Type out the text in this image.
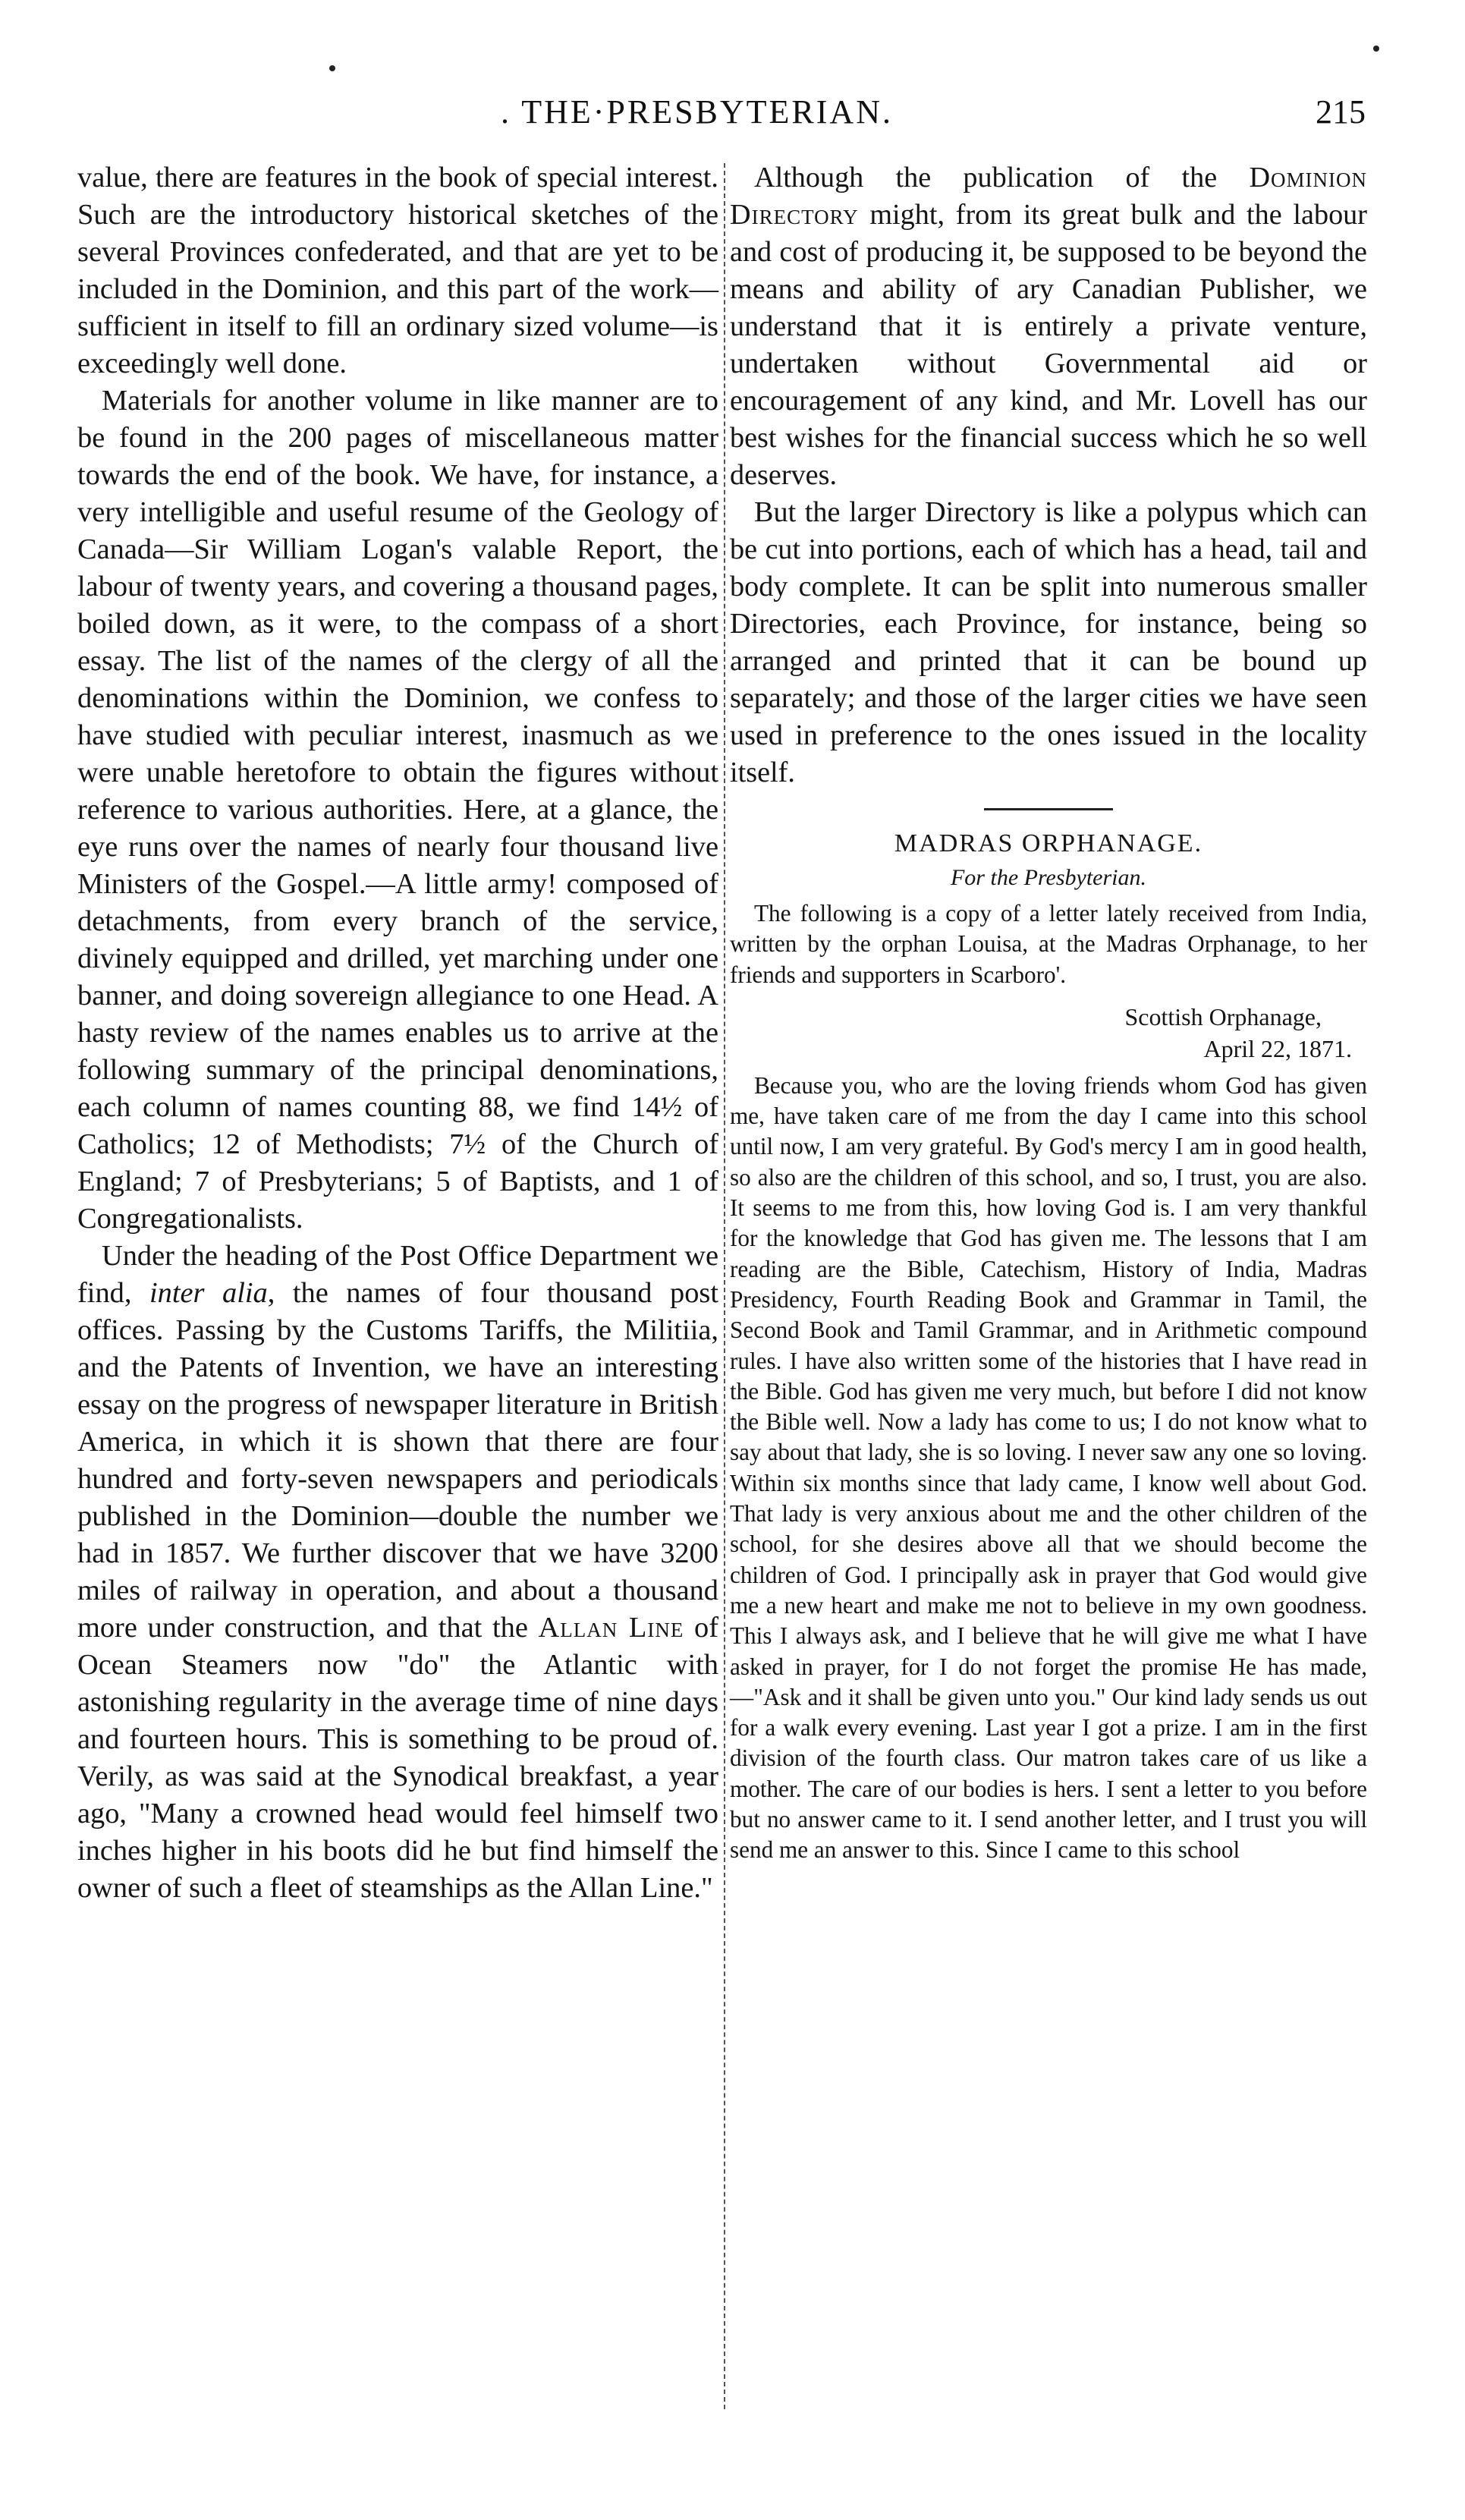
. THE·PRESBYTERIAN.	215

value, there are features in the book of special interest. Such are the introductory historical sketches of the several Provinces confederated, and that are yet to be included in the Dominion, and this part of the work—sufficient in itself to fill an ordinary sized volume—is exceedingly well done.

Materials for another volume in like manner are to be found in the 200 pages of miscellaneous matter towards the end of the book. We have, for instance, a very intelligible and useful resume of the Geology of Canada—Sir William Logan's valable Report, the labour of twenty years, and covering a thousand pages, boiled down, as it were, to the compass of a short essay. The list of the names of the clergy of all the denominations within the Dominion, we confess to have studied with peculiar interest, inasmuch as we were unable heretofore to obtain the figures without reference to various authorities. Here, at a glance, the eye runs over the names of nearly four thousand live Ministers of the Gospel.—A little army! composed of detachments, from every branch of the service, divinely equipped and drilled, yet marching under one banner, and doing sovereign allegiance to one Head. A hasty review of the names enables us to arrive at the following summary of the principal denominations, each column of names counting 88, we find 14½ of Catholics; 12 of Methodists; 7½ of the Church of England; 7 of Presbyterians; 5 of Baptists, and 1 of Congregationalists.

Under the heading of the Post Office Department we find, inter alia, the names of four thousand post offices. Passing by the Customs Tariffs, the Militiia, and the Patents of Invention, we have an interesting essay on the progress of newspaper literature in British America, in which it is shown that there are four hundred and forty-seven newspapers and periodicals published in the Dominion—double the number we had in 1857. We further discover that we have 3200 miles of railway in operation, and about a thousand more under construction, and that the Allan Line of Ocean Steamers now "do" the Atlantic with astonishing regularity in the average time of nine days and fourteen hours. This is something to be proud of. Verily, as was said at the Synodical breakfast, a year ago, "Many a crowned head would feel himself two inches higher in his boots did he but find himself the owner of such a fleet of steamships as the Allan Line."

Although the publication of the Dominion Directory might, from its great bulk and the labour and cost of producing it, be supposed to be beyond the means and ability of ary Canadian Publisher, we understand that it is entirely a private venture, undertaken without Governmental aid or encouragement of any kind, and Mr. Lovell has our best wishes for the financial success which he so well deserves.

But the larger Directory is like a polypus which can be cut into portions, each of which has a head, tail and body complete. It can be split into numerous smaller Directories, each Province, for instance, being so arranged and printed that it can be bound up separately; and those of the larger cities we have seen used in preference to the ones issued in the locality itself.

MADRAS ORPHANAGE.
For the Presbyterian.

The following is a copy of a letter lately received from India, written by the orphan Louisa, at the Madras Orphanage, to her friends and supporters in Scarboro'.

Scottish Orphanage,
April 22, 1871.

Because you, who are the loving friends whom God has given me, have taken care of me from the day I came into this school until now, I am very grateful. By God's mercy I am in good health, so also are the children of this school, and so, I trust, you are also. It seems to me from this, how loving God is. I am very thankful for the knowledge that God has given me. The lessons that I am reading are the Bible, Catechism, History of India, Madras Presidency, Fourth Reading Book and Grammar in Tamil, the Second Book and Tamil Grammar, and in Arithmetic compound rules. I have also written some of the histories that I have read in the Bible. God has given me very much, but before I did not know the Bible well. Now a lady has come to us; I do not know what to say about that lady, she is so loving. I never saw any one so loving. Within six months since that lady came, I know well about God. That lady is very anxious about me and the other children of the school, for she desires above all that we should become the children of God. I principally ask in prayer that God would give me a new heart and make me not to believe in my own goodness. This I always ask, and I believe that he will give me what I have asked in prayer, for I do not forget the promise He has made,—"Ask and it shall be given unto you." Our kind lady sends us out for a walk every evening. Last year I got a prize. I am in the first division of the fourth class. Our matron takes care of us like a mother. The care of our bodies is hers. I sent a letter to you before but no answer came to it. I send another letter, and I trust you will send me an answer to this. Since I came to this school
